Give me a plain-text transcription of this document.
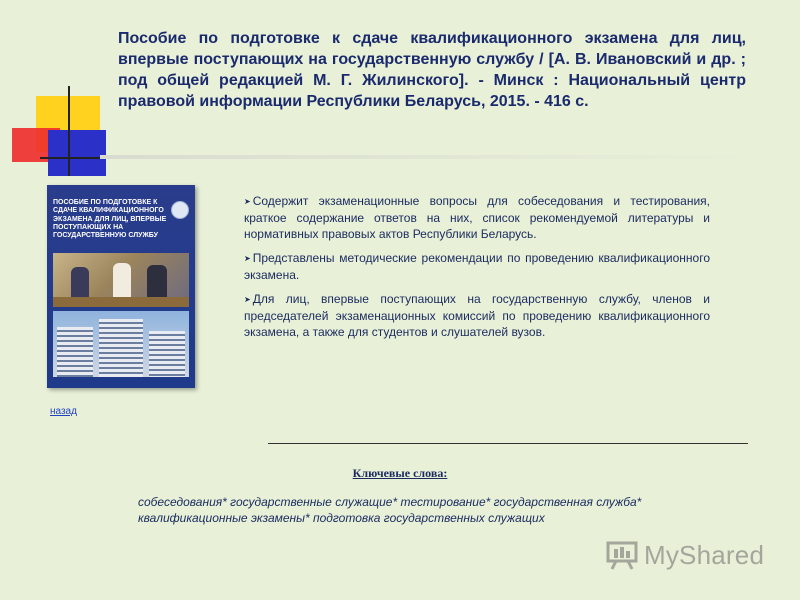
Пособие по подготовке к сдаче квалификационного экзамена для лиц, впервые поступающих на государственную службу / [А. В. Ивановский и др. ; под общей редакцией М. Г. Жилинского]. - Минск : Национальный центр правовой информации Республики Беларусь, 2015. - 416 с.
ПОСОБИЕ ПО ПОДГОТОВКЕ К СДАЧЕ КВАЛИФИКАЦИОННОГО ЭКЗАМЕНА ДЛЯ ЛИЦ, ВПЕРВЫЕ ПОСТУПАЮЩИХ НА ГОСУДАРСТВЕННУЮ СЛУЖБУ
назад
➤ Содержит экзаменационные вопросы для собеседования и тестирования, краткое содержание ответов на них, список рекомендуемой литературы и нормативных правовых актов Республики Беларусь.
➤ Представлены методические рекомендации по проведению квалификационного экзамена.
➤ Для лиц, впервые поступающих на государственную службу, членов и председателей экзаменационных комиссий по проведению квалификационного экзамена, а также для студентов и слушателей вузов.
Ключевые слова:
собеседования* государственные служащие* тестирование* государственная служба* квалификационные экзамены* подготовка государственных служащих
MyShared
